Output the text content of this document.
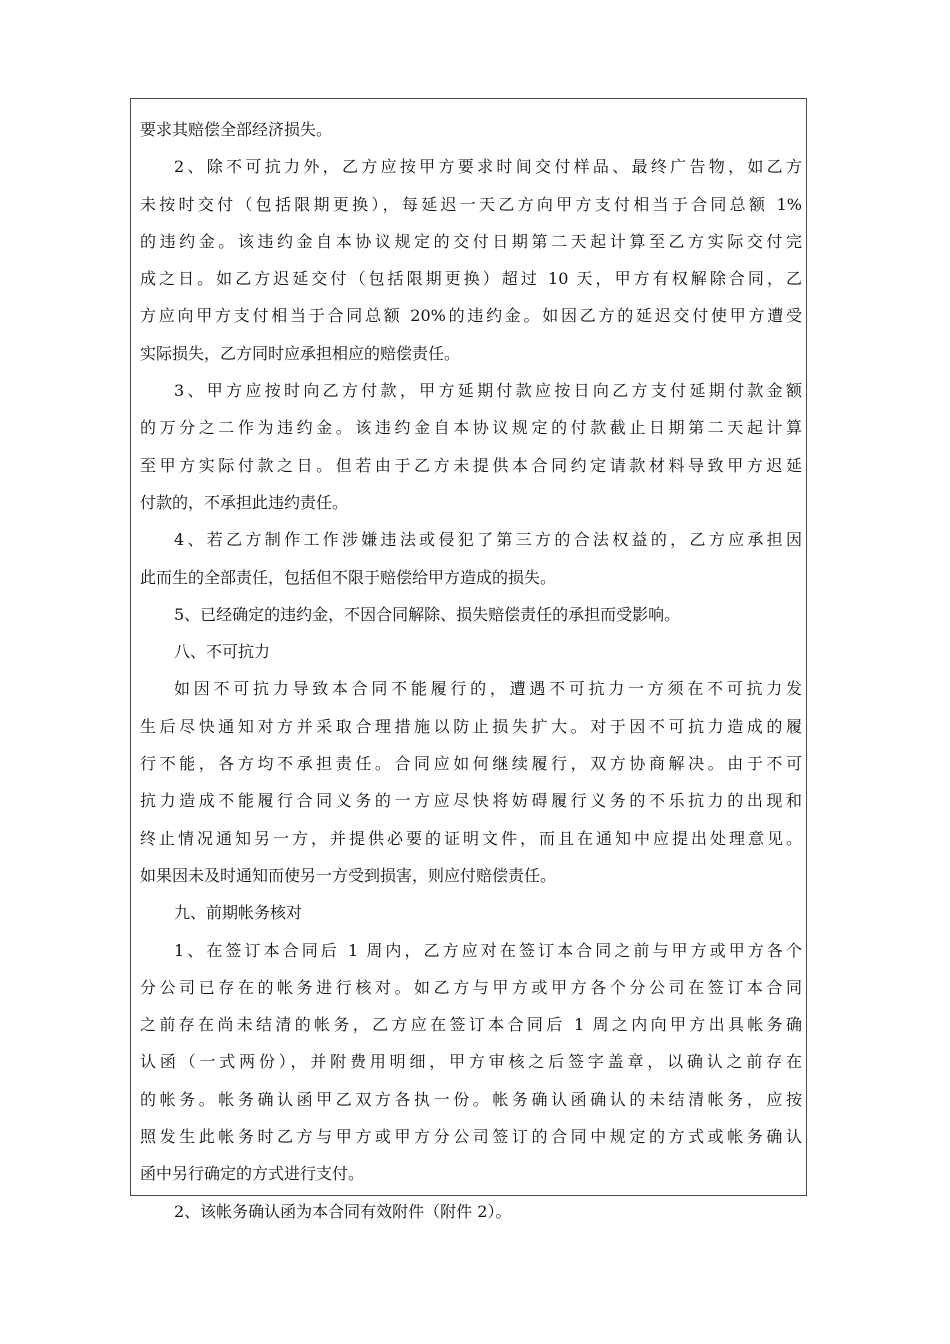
要求其赔偿全部经济损失。
2、除不可抗力外，乙方应按甲方要求时间交付样品、最终广告物，如乙方
未按时交付（包括限期更换），每延迟一天乙方向甲方支付相当于合同总额 1%
的违约金。该违约金自本协议规定的交付日期第二天起计算至乙方实际交付完
成之日。如乙方迟延交付（包括限期更换）超过 10 天，甲方有权解除合同，乙
方应向甲方支付相当于合同总额 20%的违约金。如因乙方的延迟交付使甲方遭受
实际损失，乙方同时应承担相应的赔偿责任。
3、甲方应按时向乙方付款，甲方延期付款应按日向乙方支付延期付款金额
的万分之二作为违约金。该违约金自本协议规定的付款截止日期第二天起计算
至甲方实际付款之日。但若由于乙方未提供本合同约定请款材料导致甲方迟延
付款的，不承担此违约责任。
4、若乙方制作工作涉嫌违法或侵犯了第三方的合法权益的，乙方应承担因
此而生的全部责任，包括但不限于赔偿给甲方造成的损失。
5、已经确定的违约金，不因合同解除、损失赔偿责任的承担而受影响。
八、不可抗力
如因不可抗力导致本合同不能履行的，遭遇不可抗力一方须在不可抗力发
生后尽快通知对方并采取合理措施以防止损失扩大。对于因不可抗力造成的履
行不能，各方均不承担责任。合同应如何继续履行，双方协商解决。由于不可
抗力造成不能履行合同义务的一方应尽快将妨碍履行义务的不乐抗力的出现和
终止情况通知另一方，并提供必要的证明文件，而且在通知中应提出处理意见。
如果因未及时通知而使另一方受到损害，则应付赔偿责任。
九、前期帐务核对
1、在签订本合同后 1 周内，乙方应对在签订本合同之前与甲方或甲方各个
分公司已存在的帐务进行核对。如乙方与甲方或甲方各个分公司在签订本合同
之前存在尚未结清的帐务，乙方应在签订本合同后 1 周之内向甲方出具帐务确
认函（一式两份），并附费用明细，甲方审核之后签字盖章，以确认之前存在
的帐务。帐务确认函甲乙双方各执一份。帐务确认函确认的未结清帐务，应按
照发生此帐务时乙方与甲方或甲方分公司签订的合同中规定的方式或帐务确认
函中另行确定的方式进行支付。
2、该帐务确认函为本合同有效附件（附件 2）。
